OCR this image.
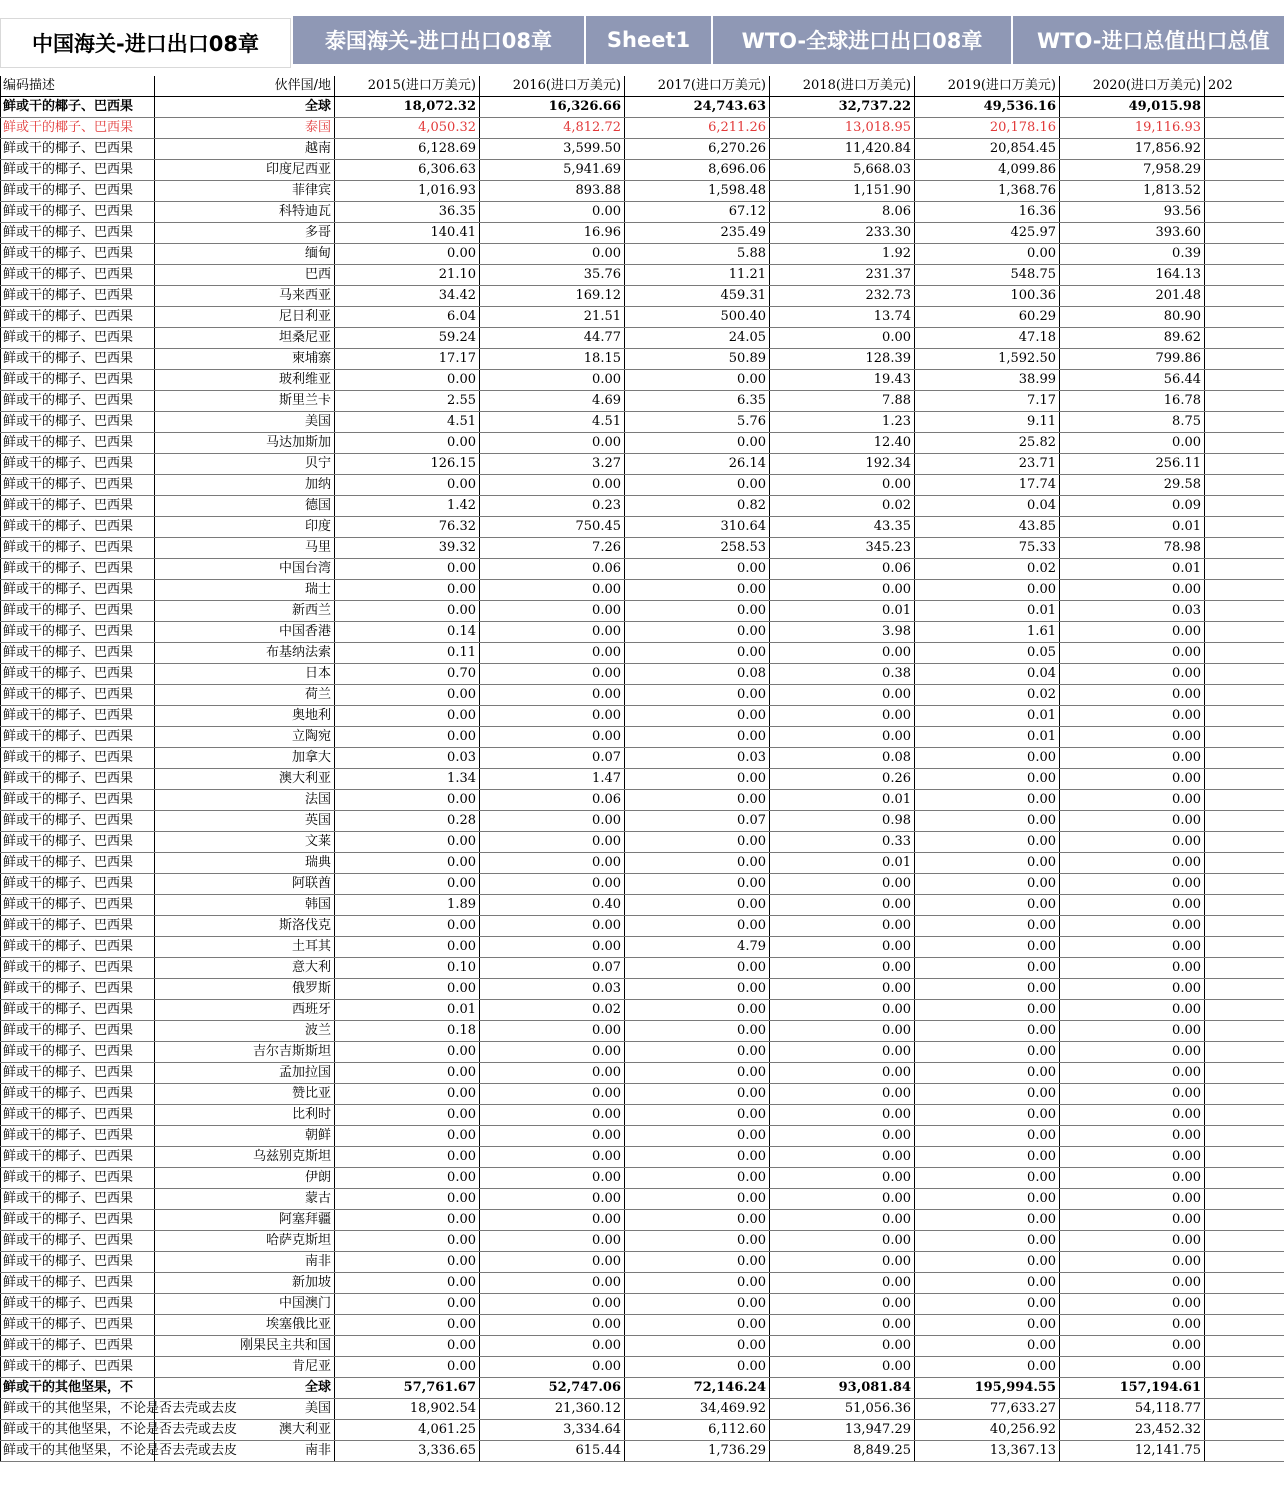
中国海关-进口出口08章	泰国海关-进口出口08章	Sheet1	WTO-全球进口出口08章	WTO-进口总值出口总值
编码描述	伙伴国/地	2015(进口万美元)	2016(进口万美元)	2017(进口万美元)	2018(进口万美元)	2019(进口万美元)	2020(进口万美元)	202
鲜或干的椰子、巴西果	全球	18,072.32	16,326.66	24,743.63	32,737.22	49,536.16	49,015.98	
鲜或干的椰子、巴西果	泰国	4,050.32	4,812.72	6,211.26	13,018.95	20,178.16	19,116.93	
鲜或干的椰子、巴西果	越南	6,128.69	3,599.50	6,270.26	11,420.84	20,854.45	17,856.92	
鲜或干的椰子、巴西果	印度尼西亚	6,306.63	5,941.69	8,696.06	5,668.03	4,099.86	7,958.29	
鲜或干的椰子、巴西果	菲律宾	1,016.93	893.88	1,598.48	1,151.90	1,368.76	1,813.52	
鲜或干的椰子、巴西果	科特迪瓦	36.35	0.00	67.12	8.06	16.36	93.56	
鲜或干的椰子、巴西果	多哥	140.41	16.96	235.49	233.30	425.97	393.60	
鲜或干的椰子、巴西果	缅甸	0.00	0.00	5.88	1.92	0.00	0.39	
鲜或干的椰子、巴西果	巴西	21.10	35.76	11.21	231.37	548.75	164.13	
鲜或干的椰子、巴西果	马来西亚	34.42	169.12	459.31	232.73	100.36	201.48	
鲜或干的椰子、巴西果	尼日利亚	6.04	21.51	500.40	13.74	60.29	80.90	
鲜或干的椰子、巴西果	坦桑尼亚	59.24	44.77	24.05	0.00	47.18	89.62	
鲜或干的椰子、巴西果	柬埔寨	17.17	18.15	50.89	128.39	1,592.50	799.86	
鲜或干的椰子、巴西果	玻利维亚	0.00	0.00	0.00	19.43	38.99	56.44	
鲜或干的椰子、巴西果	斯里兰卡	2.55	4.69	6.35	7.88	7.17	16.78	
鲜或干的椰子、巴西果	美国	4.51	4.51	5.76	1.23	9.11	8.75	
鲜或干的椰子、巴西果	马达加斯加	0.00	0.00	0.00	12.40	25.82	0.00	
鲜或干的椰子、巴西果	贝宁	126.15	3.27	26.14	192.34	23.71	256.11	
鲜或干的椰子、巴西果	加纳	0.00	0.00	0.00	0.00	17.74	29.58	
鲜或干的椰子、巴西果	德国	1.42	0.23	0.82	0.02	0.04	0.09	
鲜或干的椰子、巴西果	印度	76.32	750.45	310.64	43.35	43.85	0.01	
鲜或干的椰子、巴西果	马里	39.32	7.26	258.53	345.23	75.33	78.98	
鲜或干的椰子、巴西果	中国台湾	0.00	0.06	0.00	0.06	0.02	0.01	
鲜或干的椰子、巴西果	瑞士	0.00	0.00	0.00	0.00	0.00	0.00	
鲜或干的椰子、巴西果	新西兰	0.00	0.00	0.00	0.01	0.01	0.03	
鲜或干的椰子、巴西果	中国香港	0.14	0.00	0.00	3.98	1.61	0.00	
鲜或干的椰子、巴西果	布基纳法索	0.11	0.00	0.00	0.00	0.05	0.00	
鲜或干的椰子、巴西果	日本	0.70	0.00	0.08	0.38	0.04	0.00	
鲜或干的椰子、巴西果	荷兰	0.00	0.00	0.00	0.00	0.02	0.00	
鲜或干的椰子、巴西果	奥地利	0.00	0.00	0.00	0.00	0.01	0.00	
鲜或干的椰子、巴西果	立陶宛	0.00	0.00	0.00	0.00	0.01	0.00	
鲜或干的椰子、巴西果	加拿大	0.03	0.07	0.03	0.08	0.00	0.00	
鲜或干的椰子、巴西果	澳大利亚	1.34	1.47	0.00	0.26	0.00	0.00	
鲜或干的椰子、巴西果	法国	0.00	0.06	0.00	0.01	0.00	0.00	
鲜或干的椰子、巴西果	英国	0.28	0.00	0.07	0.98	0.00	0.00	
鲜或干的椰子、巴西果	文莱	0.00	0.00	0.00	0.33	0.00	0.00	
鲜或干的椰子、巴西果	瑞典	0.00	0.00	0.00	0.01	0.00	0.00	
鲜或干的椰子、巴西果	阿联酋	0.00	0.00	0.00	0.00	0.00	0.00	
鲜或干的椰子、巴西果	韩国	1.89	0.40	0.00	0.00	0.00	0.00	
鲜或干的椰子、巴西果	斯洛伐克	0.00	0.00	0.00	0.00	0.00	0.00	
鲜或干的椰子、巴西果	土耳其	0.00	0.00	4.79	0.00	0.00	0.00	
鲜或干的椰子、巴西果	意大利	0.10	0.07	0.00	0.00	0.00	0.00	
鲜或干的椰子、巴西果	俄罗斯	0.00	0.03	0.00	0.00	0.00	0.00	
鲜或干的椰子、巴西果	西班牙	0.01	0.02	0.00	0.00	0.00	0.00	
鲜或干的椰子、巴西果	波兰	0.18	0.00	0.00	0.00	0.00	0.00	
鲜或干的椰子、巴西果	吉尔吉斯斯坦	0.00	0.00	0.00	0.00	0.00	0.00	
鲜或干的椰子、巴西果	孟加拉国	0.00	0.00	0.00	0.00	0.00	0.00	
鲜或干的椰子、巴西果	赞比亚	0.00	0.00	0.00	0.00	0.00	0.00	
鲜或干的椰子、巴西果	比利时	0.00	0.00	0.00	0.00	0.00	0.00	
鲜或干的椰子、巴西果	朝鲜	0.00	0.00	0.00	0.00	0.00	0.00	
鲜或干的椰子、巴西果	乌兹别克斯坦	0.00	0.00	0.00	0.00	0.00	0.00	
鲜或干的椰子、巴西果	伊朗	0.00	0.00	0.00	0.00	0.00	0.00	
鲜或干的椰子、巴西果	蒙古	0.00	0.00	0.00	0.00	0.00	0.00	
鲜或干的椰子、巴西果	阿塞拜疆	0.00	0.00	0.00	0.00	0.00	0.00	
鲜或干的椰子、巴西果	哈萨克斯坦	0.00	0.00	0.00	0.00	0.00	0.00	
鲜或干的椰子、巴西果	南非	0.00	0.00	0.00	0.00	0.00	0.00	
鲜或干的椰子、巴西果	新加坡	0.00	0.00	0.00	0.00	0.00	0.00	
鲜或干的椰子、巴西果	中国澳门	0.00	0.00	0.00	0.00	0.00	0.00	
鲜或干的椰子、巴西果	埃塞俄比亚	0.00	0.00	0.00	0.00	0.00	0.00	
鲜或干的椰子、巴西果	刚果民主共和国	0.00	0.00	0.00	0.00	0.00	0.00	
鲜或干的椰子、巴西果	肯尼亚	0.00	0.00	0.00	0.00	0.00	0.00	
鲜或干的其他坚果，不	全球	57,761.67	52,747.06	72,146.24	93,081.84	195,994.55	157,194.61	
鲜或干的其他坚果，不论是否去壳或去皮	美国	18,902.54	21,360.12	34,469.92	51,056.36	77,633.27	54,118.77	
鲜或干的其他坚果，不论是否去壳或去皮	澳大利亚	4,061.25	3,334.64	6,112.60	13,947.29	40,256.92	23,452.32	
鲜或干的其他坚果，不论是否去壳或去皮	南非	3,336.65	615.44	1,736.29	8,849.25	13,367.13	12,141.75	
